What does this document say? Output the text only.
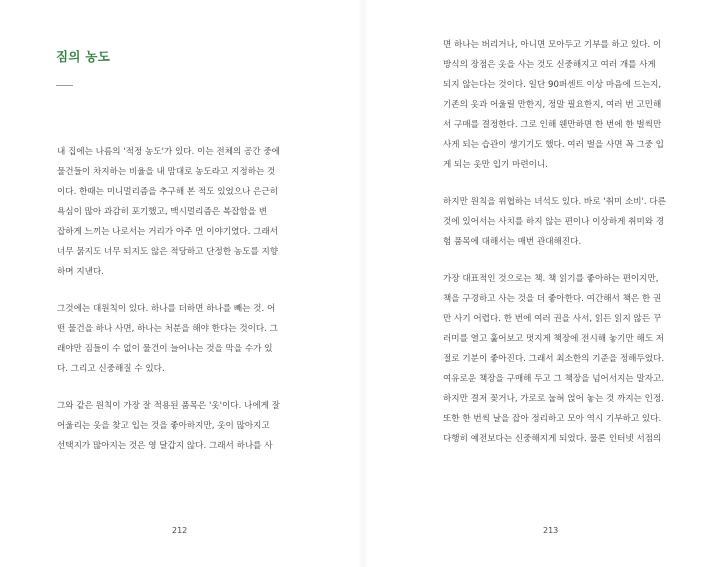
짐의 농도

내 집에는 나름의 '적정 농도'가 있다. 이는 전체의 공간 중에
물건들이 차지하는 비율을 내 맘대로 농도라고 지정하는 것
이다. 한때는 미니멀리즘을 추구해 본 적도 있었으나 은근히
욕심이 많아 과감히 포기했고, 맥시멀리즘은 복잡함을 변
잡하게 느끼는 나로서는 거리가 아주 먼 이야기였다. 그래서
너무 묽지도 너무 되지도 않은 적당하고 단정한 농도를 지향
하며 지낸다.

그것에는 대원칙이 있다. 하나를 더하면 하나를 빼는 것. 어
떤 물건을 하나 사면, 하나는 처분을 해야 한다는 것이다. 그
래야만 짐들이 수 없이 물건이 늘어나는 것을 막을 수가 있
다. 그리고 신중해질 수 있다.

그와 같은 원칙이 가장 잘 적용된 품목은 '옷'이다. 나에게 잘
어울리는 옷을 찾고 입는 것을 좋아하지만, 옷이 많아지고
선택지가 많아지는 것은 영 달갑지 않다. 그래서 하나를 사

212

면 하나는 버리거나, 아니면 모아두고 기부를 하고 있다. 이
방식의 장점은 옷을 사는 것도 신중해지고 여러 개를 사게
되지 않는다는 것이다. 일단 90퍼센트 이상 마음에 드는지,
기존의 옷과 어울릴 만한지, 정말 필요한지, 여러 번 고민해
서 구매를 결정한다. 그로 인해 웬만하면 한 번에 한 벌씩만
사게 되는 습관이 생기기도 했다. 여러 벌을 사면 꼭 그중 입
게 되는 옷만 입기 마련이니.

하지만 원칙을 위협하는 녀석도 있다. 바로 '취미 소비'. 다른
것에 있어서는 사치를 하지 않는 편이나 이상하게 취미와 경
험 품목에 대해서는 매번 관대해진다.

가장 대표적인 것으로는 책. 책 읽기를 좋아하는 편이지만,
책을 구경하고 사는 것을 더 좋아한다. 여간해서 책은 한 권
만 사기 어렵다. 한 번에 여러 권을 사서, 읽든 읽지 않든 꾸
러미를 열고 훑어보고 멋지게 책장에 전시해 놓기만 해도 저
절로 기분이 좋아진다. 그래서 최소한의 기준을 정해두었다.
여유로운 책장을 구매해 두고 그 책장을 넘어서지는 말자고.
하지만 결저 꽂거나, 가로로 눕혀 얹어 놓는 것 까지는 인정.
또한 한 번씩 날을 잡아 정리하고 모아 역시 기부하고 있다.
다행히 예전보다는 신중해지게 되었다. 물론 인터넷 서점의

213
